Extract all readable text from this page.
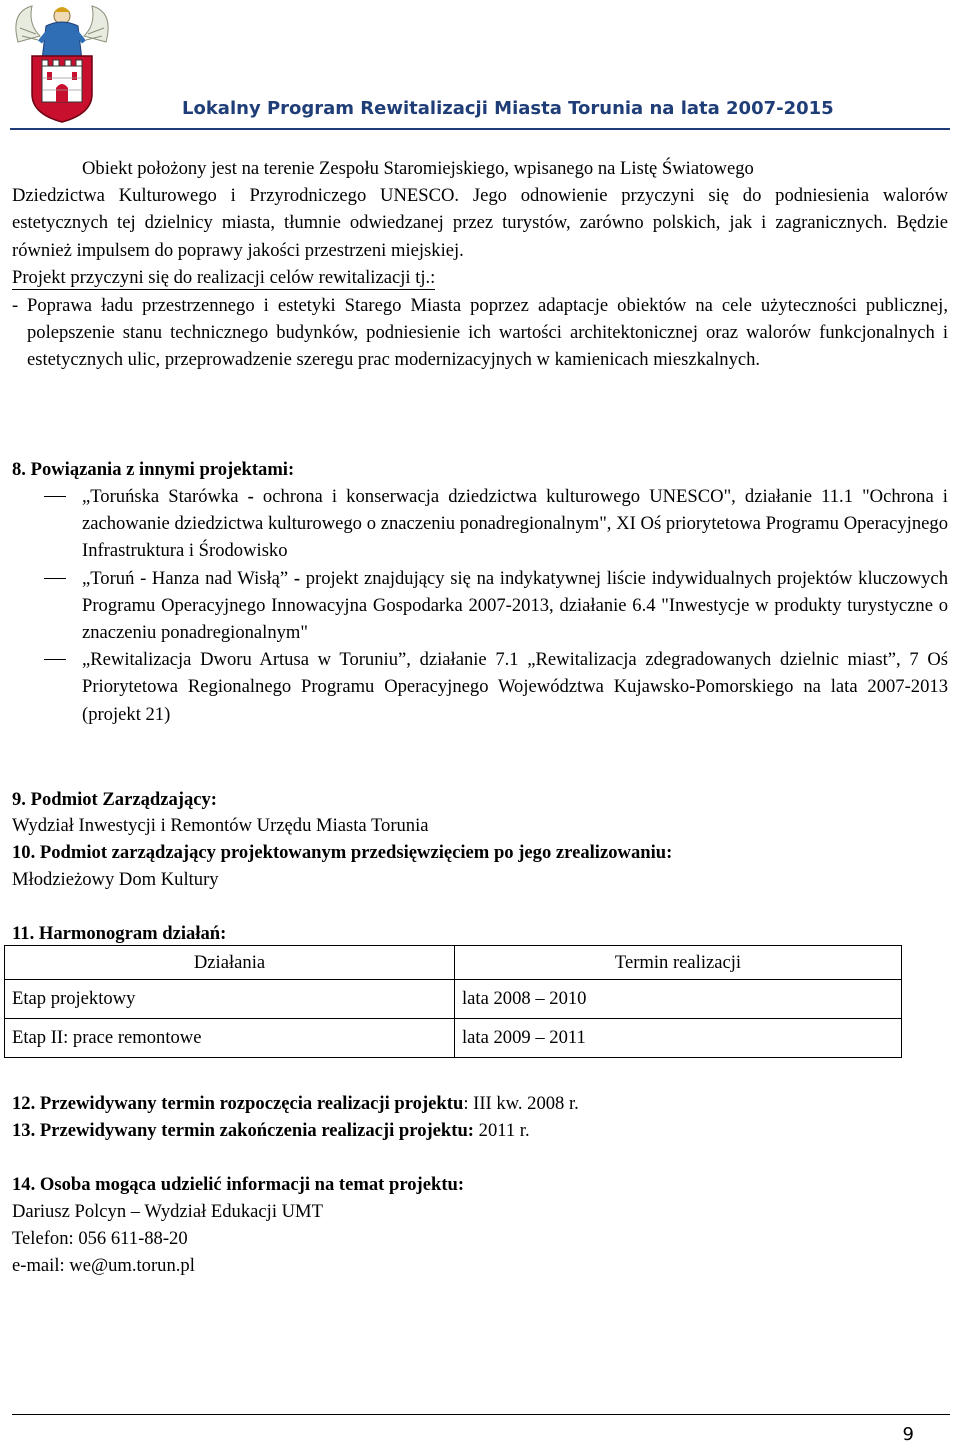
Lokalny Program Rewitalizacji Miasta Torunia na lata 2007-2015
Obiekt położony jest na terenie Zespołu Staromiejskiego, wpisanego na Listę Światowego
Dziedzictwa Kulturowego i Przyrodniczego UNESCO. Jego odnowienie przyczyni się do podniesienia walorów estetycznych tej dzielnicy miasta, tłumnie odwiedzanej przez turystów, zarówno polskich, jak i zagranicznych. Będzie również impulsem do poprawy jakości przestrzeni miejskiej.
Projekt przyczyni się do realizacji celów rewitalizacji tj.:
- Poprawa ładu przestrzennego i estetyki Starego Miasta poprzez adaptacje obiektów na cele użyteczności publicznej, polepszenie stanu technicznego budynków, podniesienie ich wartości architektonicznej oraz walorów funkcjonalnych i estetycznych ulic, przeprowadzenie szeregu prac modernizacyjnych w kamienicach mieszkalnych.
8. Powiązania z innymi projektami:
„Toruńska Starówka - ochrona i konserwacja dziedzictwa kulturowego UNESCO", działanie 11.1 "Ochrona i zachowanie dziedzictwa kulturowego o znaczeniu ponadregionalnym", XI Oś priorytetowa Programu Operacyjnego Infrastruktura i Środowisko
„Toruń - Hanza nad Wisłą” - projekt znajdujący się na indykatywnej liście indywidualnych projektów kluczowych Programu Operacyjnego Innowacyjna Gospodarka 2007-2013, działanie 6.4 "Inwestycje w produkty turystyczne o znaczeniu ponadregionalnym"
„Rewitalizacja Dworu Artusa w Toruniu”, działanie 7.1 „Rewitalizacja zdegradowanych dzielnic miast”, 7 Oś Priorytetowa Regionalnego Programu Operacyjnego Województwa Kujawsko-Pomorskiego na lata 2007-2013 (projekt 21)
9. Podmiot Zarządzający:
Wydział Inwestycji i Remontów Urzędu Miasta Torunia
10. Podmiot zarządzający projektowanym przedsięwzięciem po jego zrealizowaniu:
Młodzieżowy Dom Kultury
11. Harmonogram działań:
Działania	Termin realizacji
Etap projektowy	lata 2008 – 2010
Etap II: prace remontowe	lata 2009 – 2011
12. Przewidywany termin rozpoczęcia realizacji projektu: III kw. 2008 r.
13. Przewidywany termin zakończenia realizacji projektu: 2011 r.
14. Osoba mogąca udzielić informacji na temat projektu:
Dariusz Polcyn – Wydział Edukacji UMT
Telefon: 056 611-88-20
e-mail: we@um.torun.pl
9
